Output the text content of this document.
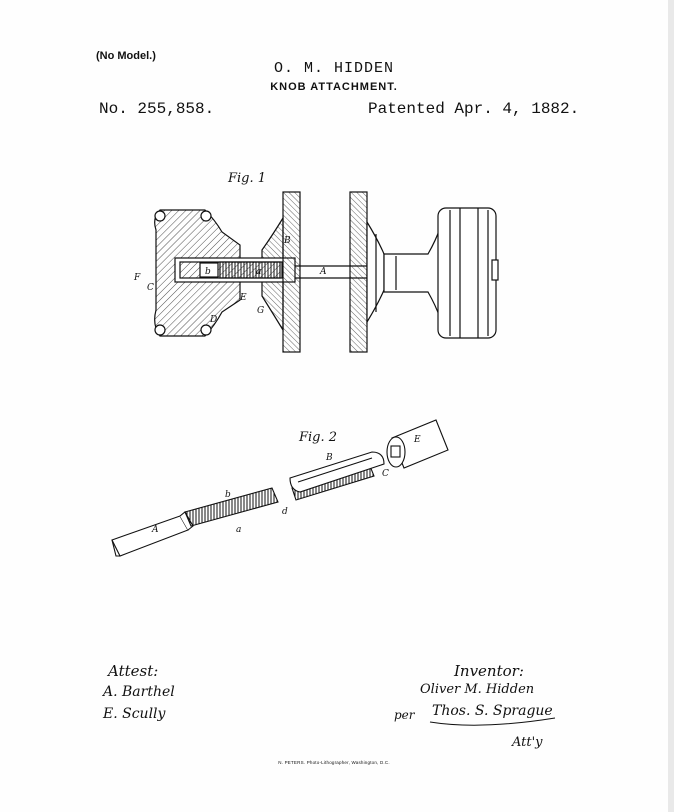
(No Model.)
O. M. HIDDEN
KNOB ATTACHMENT.
No. 255,858.	Patented Apr. 4, 1882.
Fig. 1
Fig. 2
F
b	a
E
G
D
A
B
C
A
b
a
d
B
C
E
Attest:
A. Barthel
E. Scully
Inventor:
Oliver M. Hidden
per Thos. S. Sprague
Att'y
N. PETERS. Photo-Lithographer, Washington, D.C.
